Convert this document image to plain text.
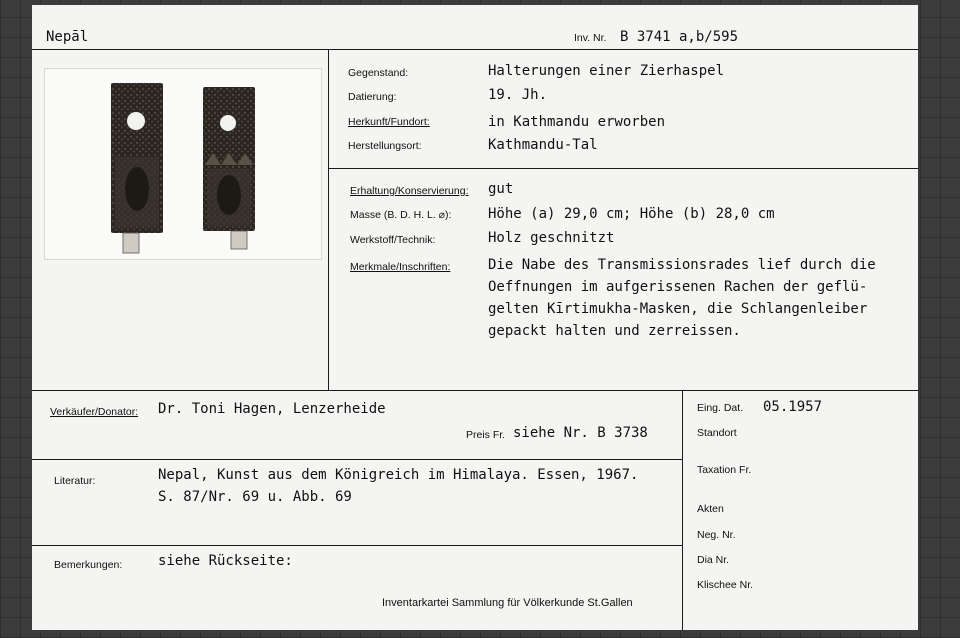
Nepāl	Inv. Nr. B 3741 a,b/595
Gegenstand:	Halterungen einer Zierhaspel
Datierung:	19. Jh.
Herkunft/Fundort:	in Kathmandu erworben
Herstellungsort:	Kathmandu-Tal
Erhaltung/Konservierung: gut
Masse (B. D. H. L. ⌀):	Höhe (a) 29,0 cm; Höhe (b) 28,0 cm
Werkstoff/Technik:	Holz geschnitzt
Merkmale/Inschriften:	Die Nabe des Transmissionsrades lief durch die
Oeffnungen im aufgerissenen Rachen der geflü-
gelten Kīrtimukha-Masken, die Schlangenleiber
gepackt halten und zerreissen.
Verkäufer/Donator: Dr. Toni Hagen, Lenzerheide
Preis Fr. siehe Nr. B 3738
Literatur:	Nepal, Kunst aus dem Königreich im Himalaya. Essen, 1967.
S. 87/Nr. 69 u. Abb. 69
Bemerkungen:	siehe Rückseite:
Inventarkartei Sammlung für Völkerkunde St.Gallen
Eing. Dat. 05.1957
Standort
Taxation Fr.
Akten
Neg. Nr.
Dia Nr.
Klischee Nr.
